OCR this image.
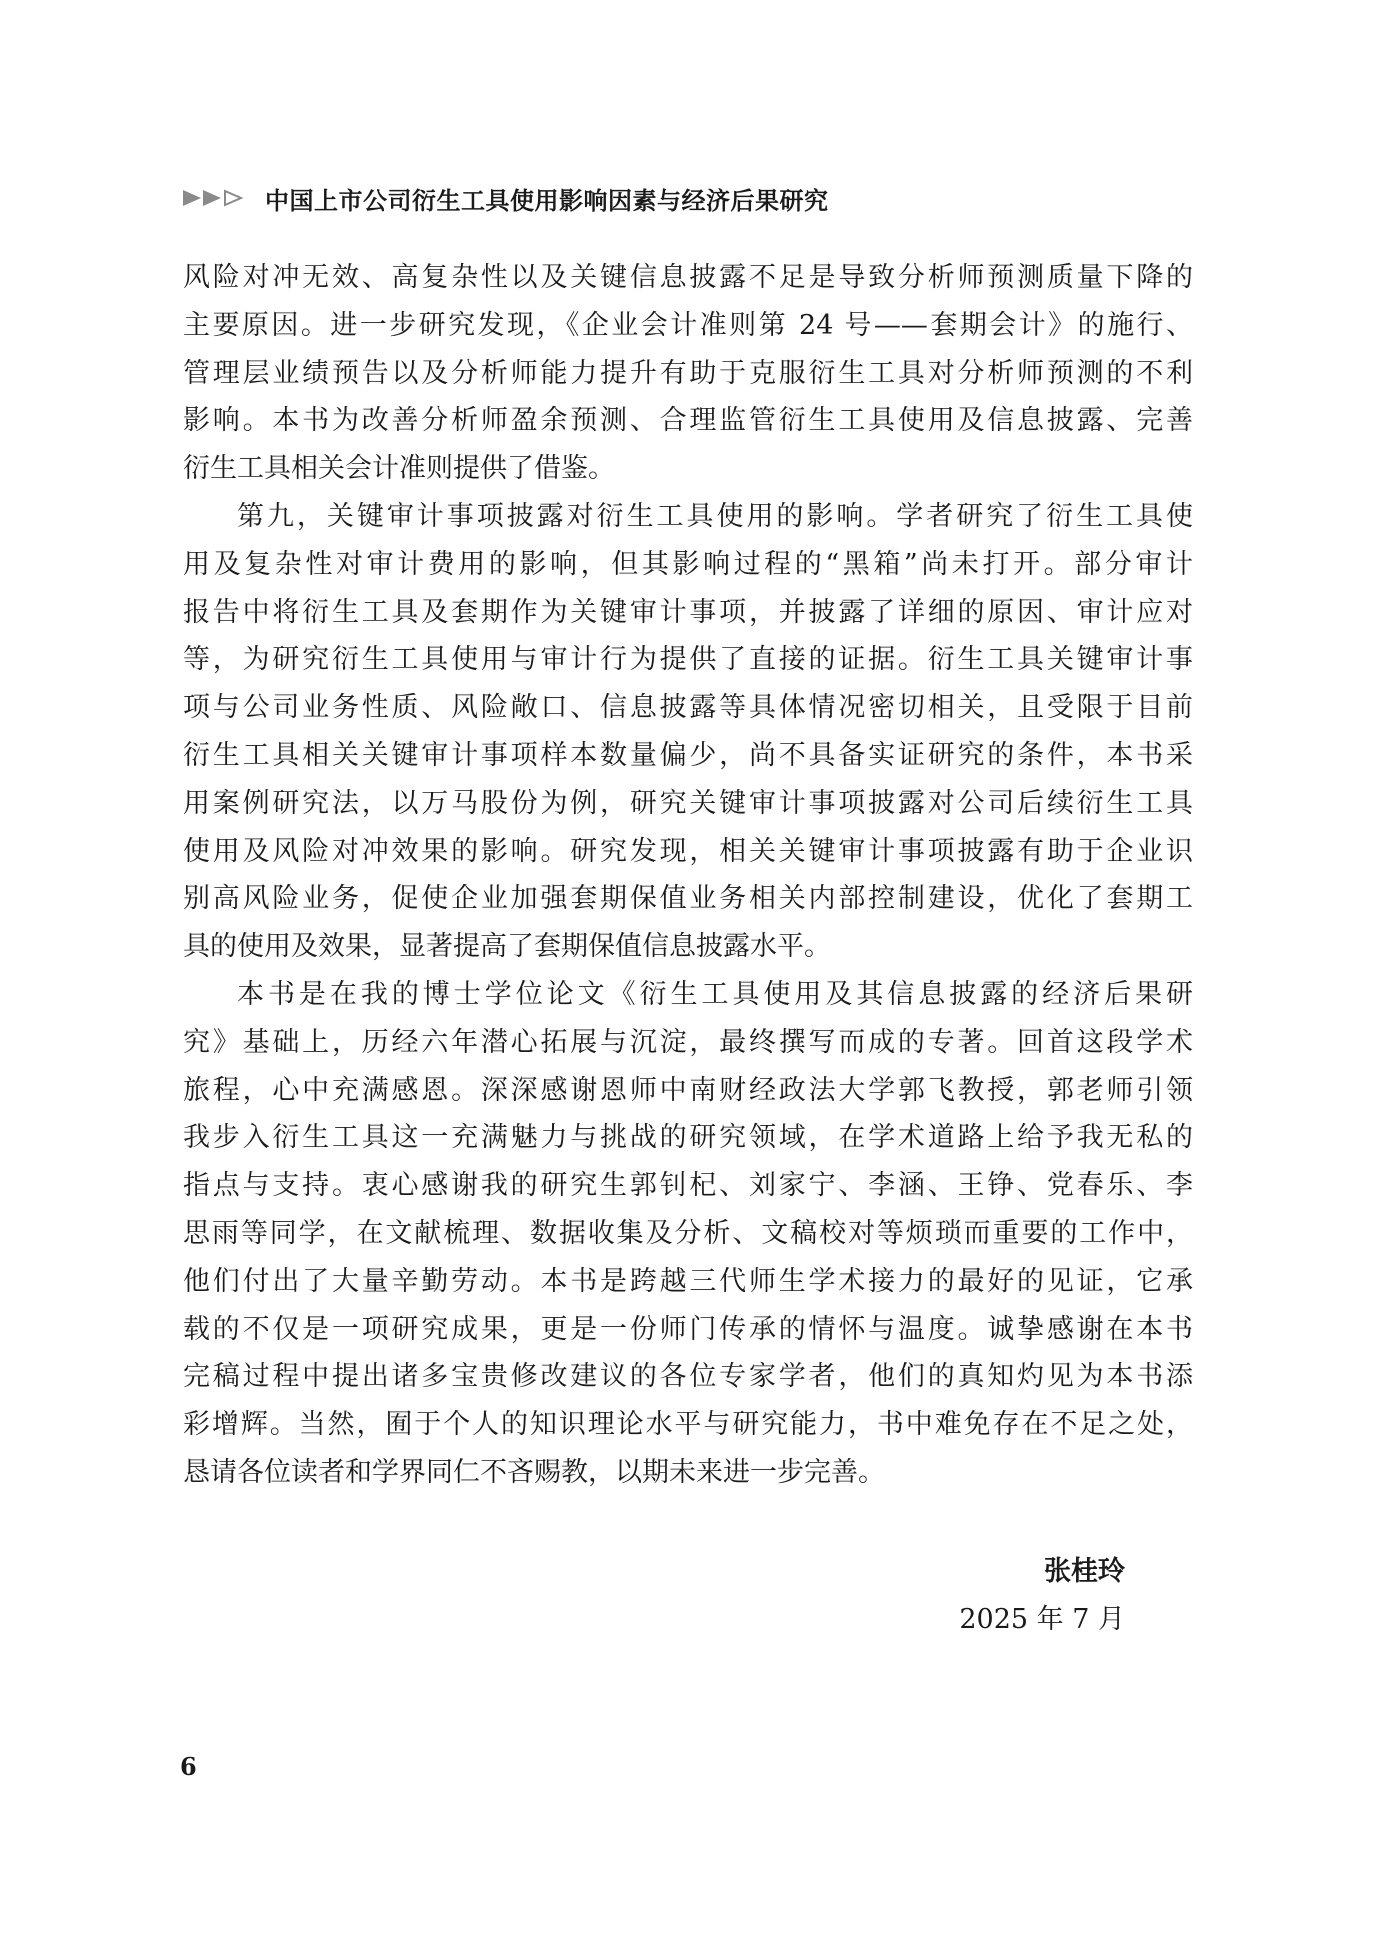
中国上市公司衍生工具使用影响因素与经济后果研究
风险对冲无效、高复杂性以及关键信息披露不足是导致分析师预测质量下降的
主要原因。进一步研究发现，《企业会计准则第 24 号——套期会计》的施行、
管理层业绩预告以及分析师能力提升有助于克服衍生工具对分析师预测的不利
影响。本书为改善分析师盈余预测、合理监管衍生工具使用及信息披露、完善
衍生工具相关会计准则提供了借鉴。
第九，关键审计事项披露对衍生工具使用的影响。学者研究了衍生工具使
用及复杂性对审计费用的影响，但其影响过程的“黑箱”尚未打开。部分审计
报告中将衍生工具及套期作为关键审计事项，并披露了详细的原因、审计应对
等，为研究衍生工具使用与审计行为提供了直接的证据。衍生工具关键审计事
项与公司业务性质、风险敞口、信息披露等具体情况密切相关，且受限于目前
衍生工具相关关键审计事项样本数量偏少，尚不具备实证研究的条件，本书采
用案例研究法，以万马股份为例，研究关键审计事项披露对公司后续衍生工具
使用及风险对冲效果的影响。研究发现，相关关键审计事项披露有助于企业识
别高风险业务，促使企业加强套期保值业务相关内部控制建设，优化了套期工
具的使用及效果，显著提高了套期保值信息披露水平。
本书是在我的博士学位论文《衍生工具使用及其信息披露的经济后果研
究》基础上，历经六年潜心拓展与沉淀，最终撰写而成的专著。回首这段学术
旅程，心中充满感恩。深深感谢恩师中南财经政法大学郭飞教授，郭老师引领
我步入衍生工具这一充满魅力与挑战的研究领域，在学术道路上给予我无私的
指点与支持。衷心感谢我的研究生郭钊杞、刘家宁、李涵、王铮、党春乐、李
思雨等同学，在文献梳理、数据收集及分析、文稿校对等烦琐而重要的工作中，
他们付出了大量辛勤劳动。本书是跨越三代师生学术接力的最好的见证，它承
载的不仅是一项研究成果，更是一份师门传承的情怀与温度。诚挚感谢在本书
完稿过程中提出诸多宝贵修改建议的各位专家学者，他们的真知灼见为本书添
彩增辉。当然，囿于个人的知识理论水平与研究能力，书中难免存在不足之处，
恳请各位读者和学界同仁不吝赐教，以期未来进一步完善。
张桂玲
2025 年 7 月
6
